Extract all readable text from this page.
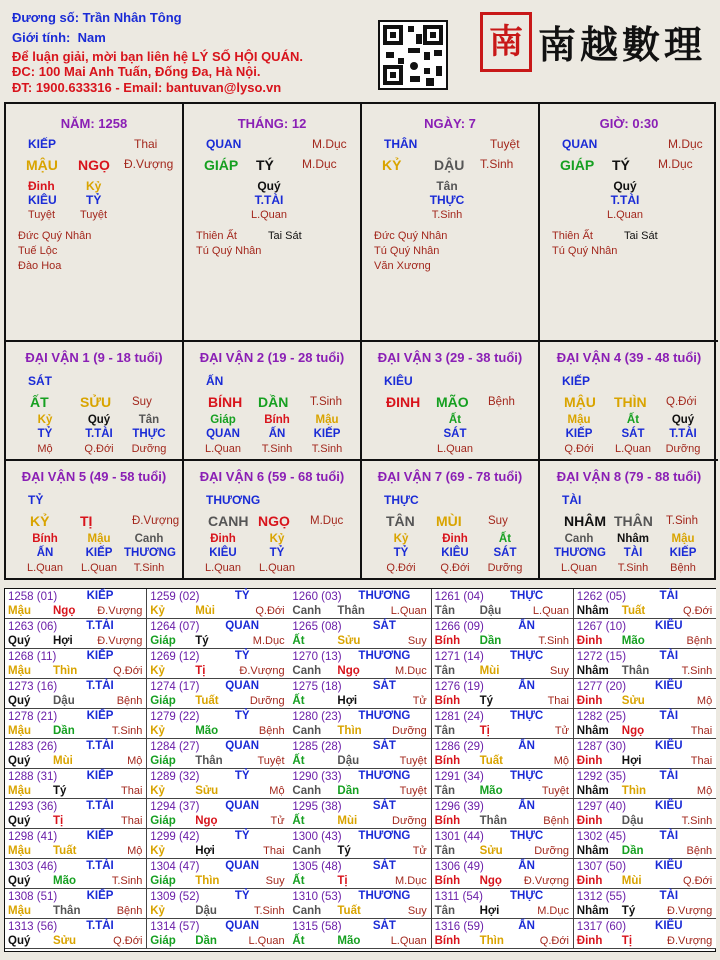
Đương số: Trần Nhân Tông
Giới tính: Nam
Để luận giải, mời bạn liên hệ LÝ SỐ HỘI QUÁN.
ĐC: 100 Mai Anh Tuấn, Đống Đa, Hà Nội.
ĐT: 1900.633316 - Email: bantuvan@lyso.vn
南 南越數理
NĂM: 1258
KIẾP	Thai
MẬU NGỌ Đ.Vượng
Đinh	Kỷ
KIÊU TỶ
Tuyệt Tuyệt
Đức Quý Nhân
Tuế Lộc
Đào Hoa
THÁNG: 12
QUAN	M.Dục
GIÁP TÝ M.Dục
Quý
T.TÀI
L.Quan
Thiên Ất
Tú Quý Nhân
Tai Sát
NGÀY: 7
THÂN	Tuyệt
KỶ DẬU T.Sinh
Tân
THỰC
T.Sinh
Đức Quý Nhân
Tú Quý Nhân
Văn Xương
GIỜ: 0:30
QUAN	M.Dục
GIÁP TÝ M.Dục
Quý
T.TÀI
L.Quan
Thiên Ất
Tú Quý Nhân
Tai Sát
ĐẠI VẬN 1 (9 - 18 tuổi)
SÁT
ẤT SỬU Suy
Kỷ
TỶ
Mộ
Quý
T.TÀI
Q.Đới
Tân
THỰC
Dưỡng
ĐẠI VẬN 2 (19 - 28 tuổi)
ẤN
BÍNH DẦN T.Sinh
Giáp
QUAN
L.Quan
Bính
ẤN
T.Sinh
Mậu
KIẾP
T.Sinh
ĐẠI VẬN 3 (29 - 38 tuổi)
KIÊU
ĐINH MÃO Bệnh
Ất
SÁT
L.Quan
ĐẠI VẬN 4 (39 - 48 tuổi)
KIẾP
MẬU THÌN Q.Đới
Mậu
KIẾP
Q.Đới
Ất
SÁT
L.Quan
Quý
T.TÀI
Dưỡng
ĐẠI VẬN 5 (49 - 58 tuổi)
TỶ
KỶ TỊ	Đ.Vượng
Bính
ẤN
L.Quan
Mậu
KIẾP
L.Quan
Canh
THƯƠNG
T.Sinh
ĐẠI VẬN 6 (59 - 68 tuổi)
THƯƠNG
CANH NGỌ M.Dục
Đinh
KIÊU
L.Quan
Kỷ
TỶ
L.Quan
ĐẠI VẬN 7 (69 - 78 tuổi)
THỰC
TÂN MÙI Suy
Kỷ
TỶ
Q.Đới
Đinh
KIÊU
Q.Đới
Ất
SÁT
Dưỡng
ĐẠI VẬN 8 (79 - 88 tuổi)
TÀI
NHÂM THÂN T.Sinh
Canh
THƯƠNG
L.Quan
Nhâm
TÀI
T.Sinh
Mậu
KIẾP
Bệnh
1258 (01)	KIẾP
Mậu Ngọ Đ.Vượng
1259 (02)	TỶ
Kỷ	Mùi	Q.Đới
1260 (03)	THƯƠNG
Canh Thân L.Quan
1261 (04)	THỰC
Tân Dậu	L.Quan
1262 (05)	TÀI
Nhâm Tuất	Q.Đới
1263 (06)	T.TÀI
Quý Hợi Đ.Vượng
1264 (07)	QUAN
Giáp Tý	M.Dục
1265 (08)	SÁT
Ất	Sửu	Suy
1266 (09)	ẤN
Bính Dần	T.Sinh
1267 (10)	KIÊU
Đinh Mão	Bệnh
1268 (11)	KIẾP
Mậu Thìn	Q.Đới
1269 (12)	TỶ
Kỷ	Tị	Đ.Vượng
1270 (13)	THƯƠNG
Canh Ngọ	M.Dục
1271 (14)	THỰC
Tân Mùi	Suy
1272 (15)	TÀI
Nhâm Thân	T.Sinh
1273 (16)	T.TÀI
Quý Dậu	Bệnh
1274 (17)	QUAN
Giáp Tuất	Dưỡng
1275 (18)	SÁT
Ất	Hợi	Tử
1276 (19)	ẤN
Bính Tý	Thai
1277 (20)	KIÊU
Đinh Sửu	Mộ
1278 (21)	KIẾP
Mậu Dần	T.Sinh
1279 (22)	TỶ
Kỷ	Mão	Bệnh
1280 (23)	THƯƠNG
Canh Thìn	Dưỡng
1281 (24)	THỰC
Tân Tị	Tử
1282 (25)	TÀI
Nhâm Ngọ	Thai
1283 (26)	T.TÀI
Quý Mùi	Mộ
1284 (27)	QUAN
Giáp Thân	Tuyệt
1285 (28)	SÁT
Ất	Dậu	Tuyệt
1286 (29)	ẤN
Bính Tuất	Mộ
1287 (30)	KIÊU
Đinh Hợi	Thai
1288 (31)	KIẾP
Mậu Tý	Thai
1289 (32)	TỶ
Kỷ	Sửu	Mộ
1290 (33)	THƯƠNG
Canh Dần	Tuyệt
1291 (34)	THỰC
Tân Mão	Tuyệt
1292 (35)	TÀI
Nhâm Thìn	Mộ
1293 (36)	T.TÀI
Quý Tị	Thai
1294 (37)	QUAN
Giáp Ngọ	Tử
1295 (38)	SÁT
Ất	Mùi	Dưỡng
1296 (39)	ẤN
Bính Thân	Bệnh
1297 (40)	KIÊU
Đinh Dậu	T.Sinh
1298 (41)	KIẾP
Mậu Tuất	Mộ
1299 (42)	TỶ
Kỷ	Hợi	Thai
1300 (43)	THƯƠNG
Canh Tý	Tử
1301 (44)	THỰC
Tân Sửu	Dưỡng
1302 (45)	TÀI
Nhâm Dần	Bệnh
1303 (46)	T.TÀI
Quý Mão	T.Sinh
1304 (47)	QUAN
Giáp Thìn	Suy
1305 (48)	SÁT
Ất	Tị	M.Dục
1306 (49)	ẤN
Bính Ngọ Đ.Vượng
1307 (50)	KIÊU
Đinh Mùi	Q.Đới
1308 (51)	KIẾP
Mậu Thân	Bệnh
1309 (52)	TỶ
Kỷ	Dậu	T.Sinh
1310 (53)	THƯƠNG
Canh Tuất	Suy
1311 (54)	THỰC
Tân Hợi	M.Dục
1312 (55)	TÀI
Nhâm Tý	Đ.Vượng
1313 (56)	T.TÀI
Quý Sửu	Q.Đới
1314 (57)	QUAN
Giáp Dần	L.Quan
1315 (58)	SÁT
Ất	Mão	L.Quan
1316 (59)	ẤN
Bính Thìn	Q.Đới
1317 (60)	KIÊU
Đinh Tị	Đ.Vượng
